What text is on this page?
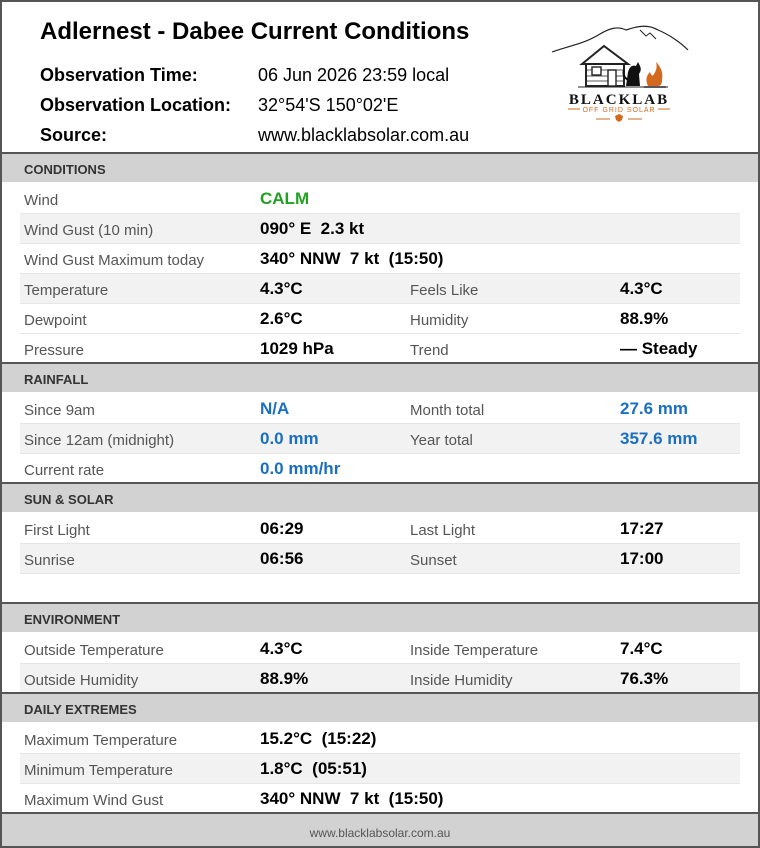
Adlernest - Dabee Current Conditions
Observation Time:	06 Jun 2026 23:59 local
Observation Location: 32°54'S 150°02'E
Source:	www.blacklabsolar.com.au
BLACKLAB
OFF GRID SOLAR
CONDITIONS
Wind	CALM
Wind Gust (10 min)	090° E  2.3 kt
Wind Gust Maximum today	340° NNW  7 kt  (15:50)
Temperature	4.3°C	Feels Like	4.3°C
Dewpoint	2.6°C	Humidity	88.9%
Pressure	1029 hPa	Trend	— Steady
RAINFALL
Since 9am	N/A	Month total	27.6 mm
Since 12am (midnight)	0.0 mm	Year total	357.6 mm
Current rate	0.0 mm/hr
SUN & SOLAR
First Light	06:29	Last Light	17:27
Sunrise	06:56	Sunset	17:00
ENVIRONMENT
Outside Temperature	4.3°C	Inside Temperature	7.4°C
Outside Humidity	88.9%	Inside Humidity	76.3%
DAILY EXTREMES
Maximum Temperature	15.2°C  (15:22)
Minimum Temperature	1.8°C  (05:51)
Maximum Wind Gust	340° NNW  7 kt  (15:50)
www.blacklabsolar.com.au
